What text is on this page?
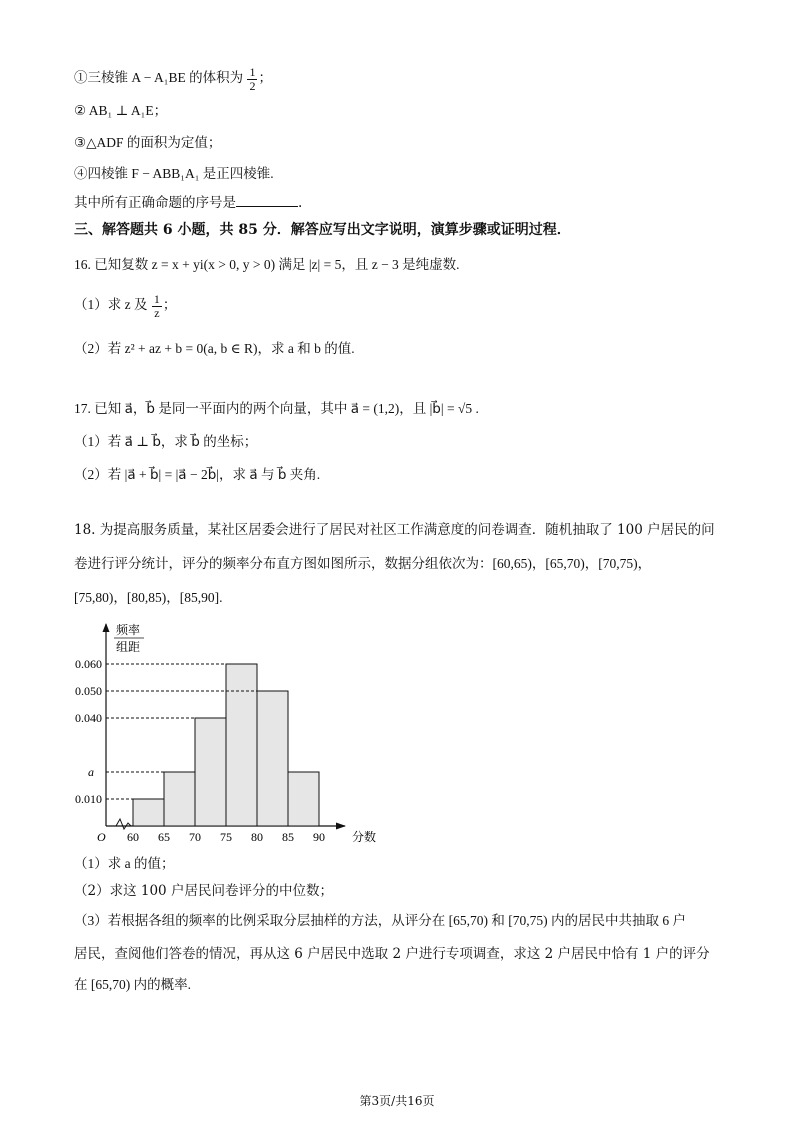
①三棱锥 A − A₁BE 的体积为 $\frac{1}{2}$ ；
② AB₁ ⊥ A₁E；
③△ADF 的面积为定值；
④四棱锥 F − ABB₁A₁ 是正四棱锥.
其中所有正确命题的序号是	.
三、解答题共 6 小题，共 85 分．解答应写出文字说明，演算步骤或证明过程．
16. 已知复数 z = x + yi(x > 0, y > 0) 满足 |z| = 5，且 z − 3 是纯虚数.
（1）求 z 及 $\frac{1}{z}$ ；
（2）若 z² + az + b = 0(a, b ∈ R)，求 a 和 b 的值.
17. 已知 a⃗，b⃗ 是同一平面内的两个向量，其中 a⃗ = (1,2)，且 |b⃗| = √5 .
（1）若 a⃗ ⊥ b⃗，求 b⃗ 的坐标；
（2）若 |a⃗ + b⃗| = |a⃗ − 2b⃗|，求 a⃗ 与 b⃗ 夹角.
18. 为提高服务质量，某社区居委会进行了居民对社区工作满意度的问卷调查．随机抽取了 100 户居民的问
卷进行评分统计，评分的频率分布直方图如图所示，数据分组依次为：[60,65)，[65,70)，[70,75)，
[75,80)，[80,85)，[85,90].
频率
组距
O
0.010
a
0.040
0.050
0.060
60 65 70 75 80 85 90 分数
（1）求 a 的值；
（2）求这 100 户居民问卷评分的中位数；
（3）若根据各组的频率的比例采取分层抽样的方法，从评分在 [65,70) 和 [70,75) 内的居民中共抽取 6 户
居民，查阅他们答卷的情况，再从这 6 户居民中选取 2 户进行专项调查，求这 2 户居民中恰有 1 户的评分
在 [65,70) 内的概率.
第3页/共16页
